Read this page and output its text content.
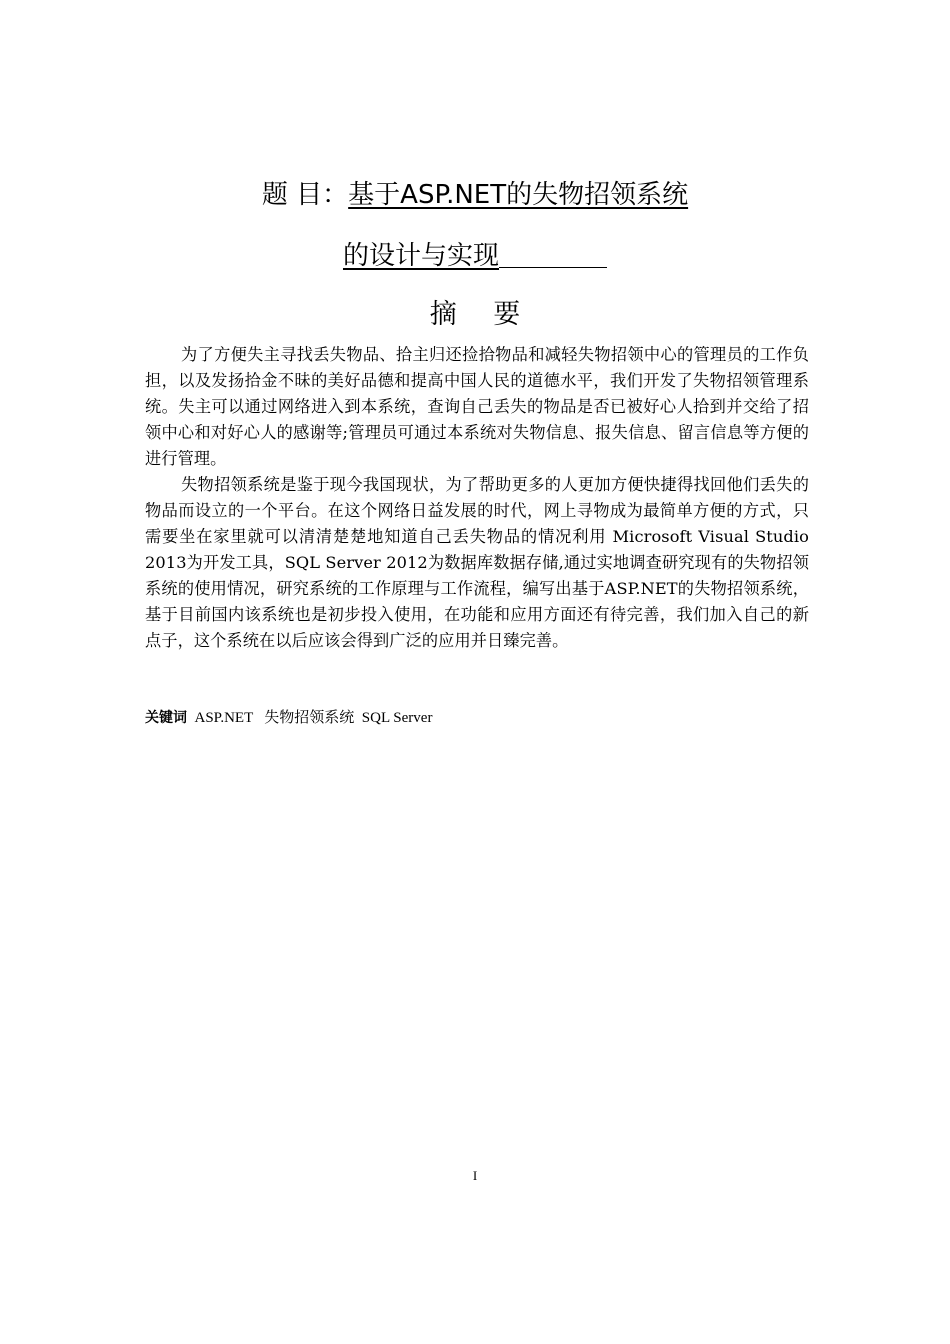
题 目：基于ASP.NET的失物招领系统
的设计与实现
摘 要

为了方便失主寻找丢失物品、拾主归还捡拾物品和减轻失物招领中心的管理员的工作负担，以及发扬拾金不昧的美好品德和提高中国人民的道德水平，我们开发了失物招领管理系统。失主可以通过网络进入到本系统，查询自己丢失的物品是否已被好心人拾到并交给了招领中心和对好心人的感谢等;管理员可通过本系统对失物信息、报失信息、留言信息等方便的进行管理。

失物招领系统是鉴于现今我国现状，为了帮助更多的人更加方便快捷得找回他们丢失的物品而设立的一个平台。在这个网络日益发展的时代，网上寻物成为最简单方便的方式，只需要坐在家里就可以清清楚楚地知道自己丢失物品的情况利用 Microsoft Visual Studio 2013为开发工具，SQL Server 2012为数据库数据存储,通过实地调查研究现有的失物招领系统的使用情况，研究系统的工作原理与工作流程，编写出基于ASP.NET的失物招领系统，基于目前国内该系统也是初步投入使用，在功能和应用方面还有待完善，我们加入自己的新点子，这个系统在以后应该会得到广泛的应用并日臻完善。

关键词 ASP.NET 失物招领系统 SQL Server
I
